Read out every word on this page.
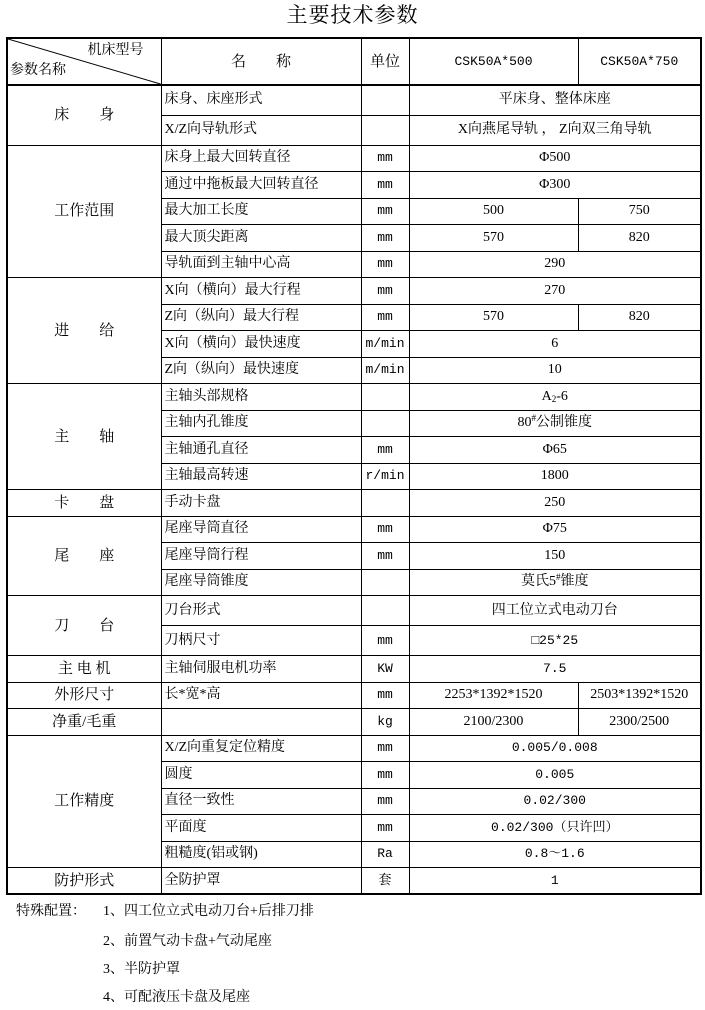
主要技术参数
机床型号
参数名称	名　　称	单位	CSK50A*500	CSK50A*750
床　　身	床身、床座形式		平床身、整体床座	
	X/Z向导轨形式		X向燕尾导轨 ， Z向双三角导轨	
工作范围	床身上最大回转直径	mm	Φ500	
	通过中拖板最大回转直径	mm	Φ300	
	最大加工长度	mm	500	750
	最大顶尖距离	mm	570	820
	导轨面到主轴中心高	mm	290	
进　　给	X向（横向）最大行程	mm	270	
	Z向（纵向）最大行程	mm	570	820
	X向（横向）最快速度	m/min	6	
	Z向（纵向）最快速度	m/min	10	
主　　轴	主轴头部规格		$A_2-6$	
	主轴内孔锥度		80#公制锥度	
	主轴通孔直径	mm	Φ65	
	主轴最高转速	r/min	1800	
卡　　盘	手动卡盘		250	
尾　　座	尾座导筒直径	mm	Φ75	
	尾座导筒行程	mm	150	
	尾座导筒锥度		莫氏5#锥度	
刀　　台	刀台形式		四工位立式电动刀台	
	刀柄尺寸	mm	□25*25	
主 电 机	主轴伺服电机功率	KW	7.5	
外形尺寸	长*宽*高	mm	2253*1392*1520	2503*1392*1520
净重/毛重		kg	2100/2300	2300/2500
工作精度	X/Z向重复定位精度	mm	0.005/0.008	
	圆度	mm	0.005	
	直径一致性	mm	0.02/300	
	平面度	mm	0.02/300（只许凹）	
	粗糙度(铝或钢)	Ra	0.8～1.6	
防护形式	全防护罩	套	1	
特殊配置： 1、四工位立式电动刀台+后排刀排
2、前置气动卡盘+气动尾座
3、半防护罩
4、可配液压卡盘及尾座
